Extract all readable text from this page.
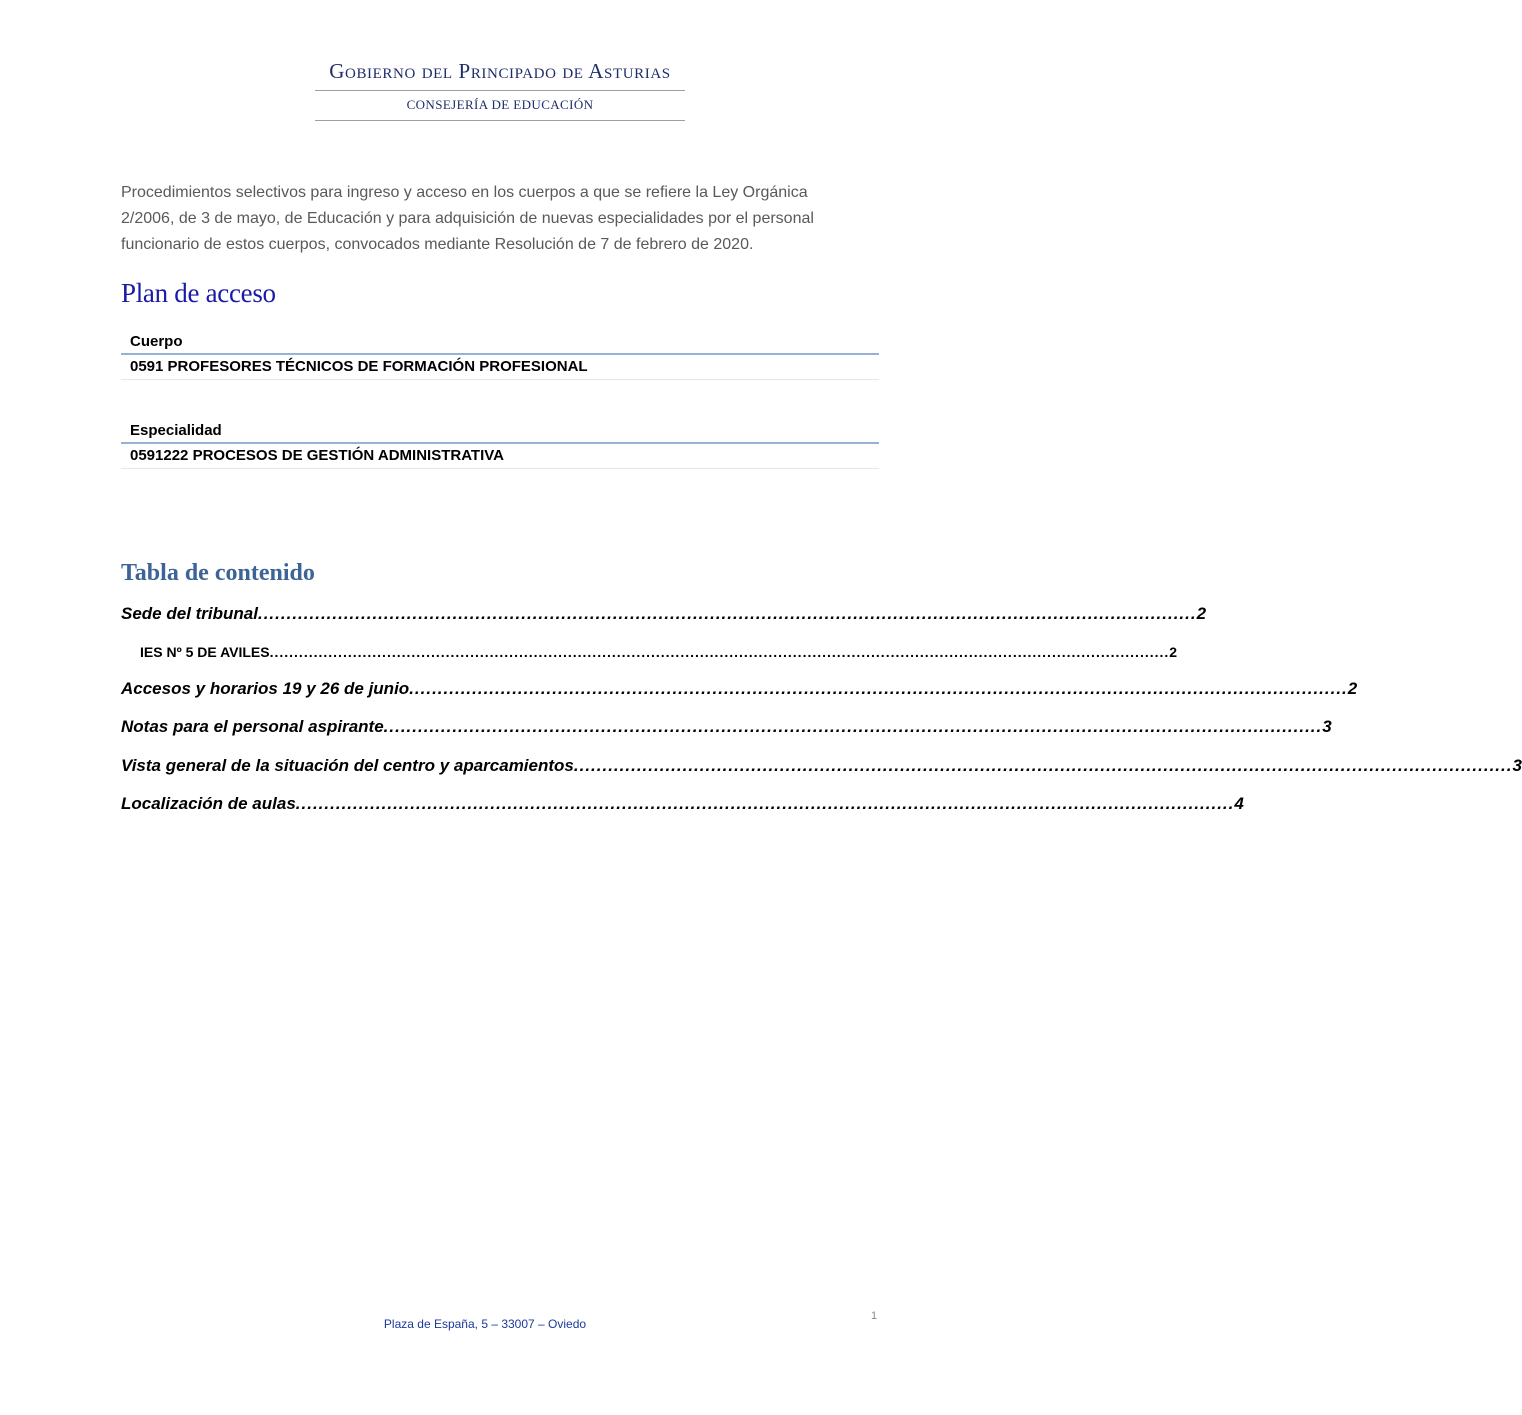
Gobierno del Principado de Asturias
CONSEJERÍA DE EDUCACIÓN
Procedimientos selectivos para ingreso y acceso en los cuerpos a que se refiere la Ley Orgánica 2/2006, de 3 de mayo, de Educación y para adquisición de nuevas especialidades por el personal funcionario de estos cuerpos, convocados mediante Resolución de 7 de febrero de 2020.
Plan de acceso
Cuerpo
0591 PROFESORES TÉCNICOS DE FORMACIÓN PROFESIONAL
Especialidad
0591222 PROCESOS DE GESTIÓN ADMINISTRATIVA
Tabla de contenido
Sede del tribunal .................................................................................................................................................................... 2
IES Nº 5 DE AVILES ........................................................................................................................................................................................ 2
Accesos y horarios 19 y 26 de junio .................................................................................................................................................................... 2
Notas para el personal aspirante .................................................................................................................................................................... 3
Vista general de la situación del centro y aparcamientos .................................................................................................................................................................... 3
Localización de aulas .................................................................................................................................................................... 4
1
Plaza de España, 5 – 33007 – Oviedo
